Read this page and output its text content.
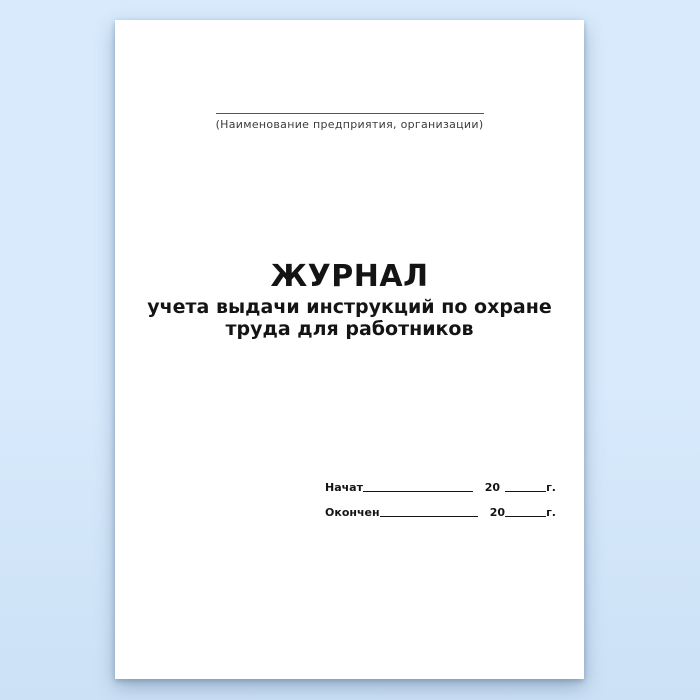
(Наименование предприятия, организации)
ЖУРНАЛ
учета выдачи инструкций по охране
труда для работников
Начат	20	г.
Окончен	20	г.
